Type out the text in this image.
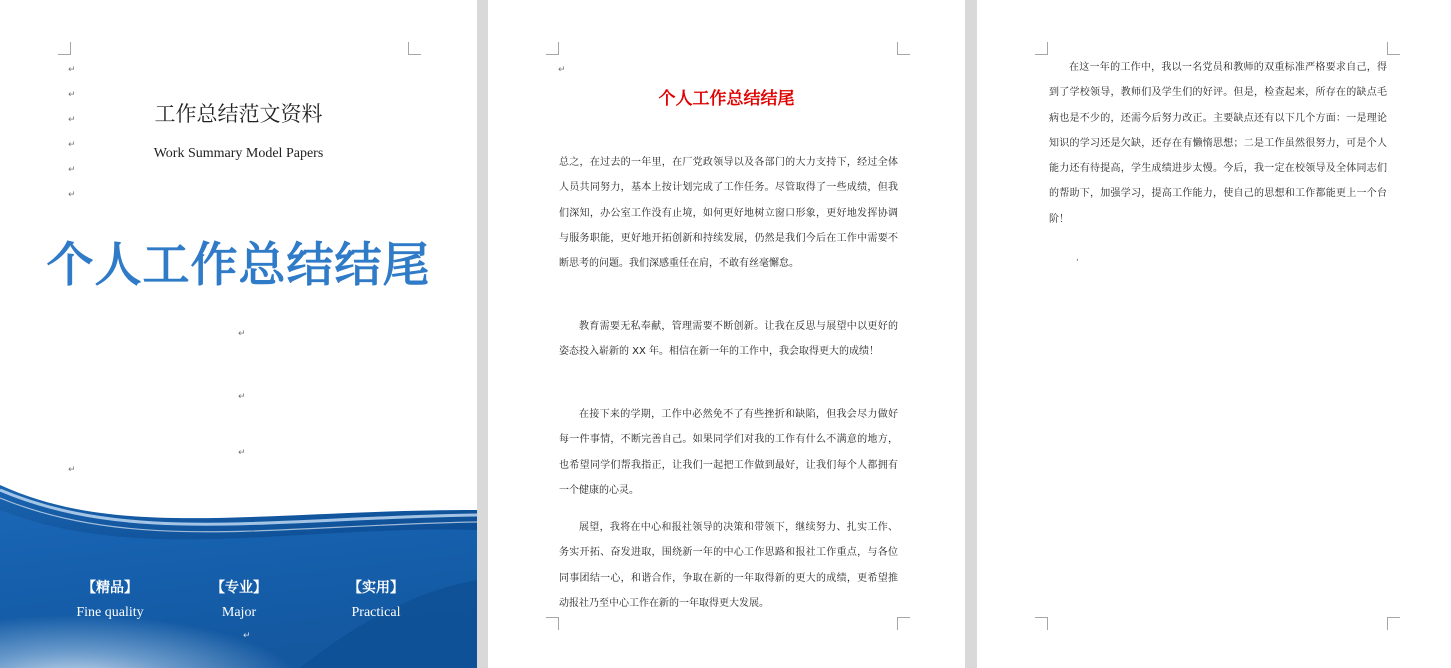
↵
↵
↵
↵
↵
↵
工作总结范文资料
Work Summary Model Papers
个人工作总结结尾
↵
↵
↵
↵
【精品】
Fine quality
【专业】
Major
【实用】
Practical
↵
↵
个人工作总结结尾

总之，在过去的一年里，在厂党政领导以及各部门的大力支持下，经过全体人员共同努力，基本上按计划完成了工作任务。尽管取得了一些成绩，但我们深知，办公室工作没有止境，如何更好地树立窗口形象，更好地发挥协调与服务职能，更好地开拓创新和持续发展，仍然是我们今后在工作中需要不断思考的问题。我们深感重任在肩，不敢有丝毫懈怠。

教育需要无私奉献，管理需要不断创新。让我在反思与展望中以更好的姿态投入崭新的 XX 年。相信在新一年的工作中，我会取得更大的成绩！

在接下来的学期，工作中必然免不了有些挫折和缺陷，但我会尽力做好每一件事情，不断完善自己。如果同学们对我的工作有什么不满意的地方，也希望同学们帮我指正，让我们一起把工作做到最好，让我们每个人都拥有一个健康的心灵。

展望，我将在中心和报社领导的决策和带领下，继续努力、扎实工作、务实开拓、奋发进取，围绕新一年的中心工作思路和报社工作重点，与各位同事团结一心，和谐合作，争取在新的一年取得新的更大的成绩，更希望推动报社乃至中心工作在新的一年取得更大发展。

在这一年的工作中，我以一名党员和教师的双重标准严格要求自己，得到了学校领导，教师们及学生们的好评。但是，检查起来，所存在的缺点毛病也是不少的，还需今后努力改正。主要缺点还有以下几个方面：一是理论知识的学习还是欠缺，还存在有懒惰思想；二是工作虽然很努力，可是个人能力还有待提高，学生成绩进步太慢。今后，我一定在校领导及全体同志们的帮助下，加强学习，提高工作能力，使自己的思想和工作都能更上一个台阶！

,
